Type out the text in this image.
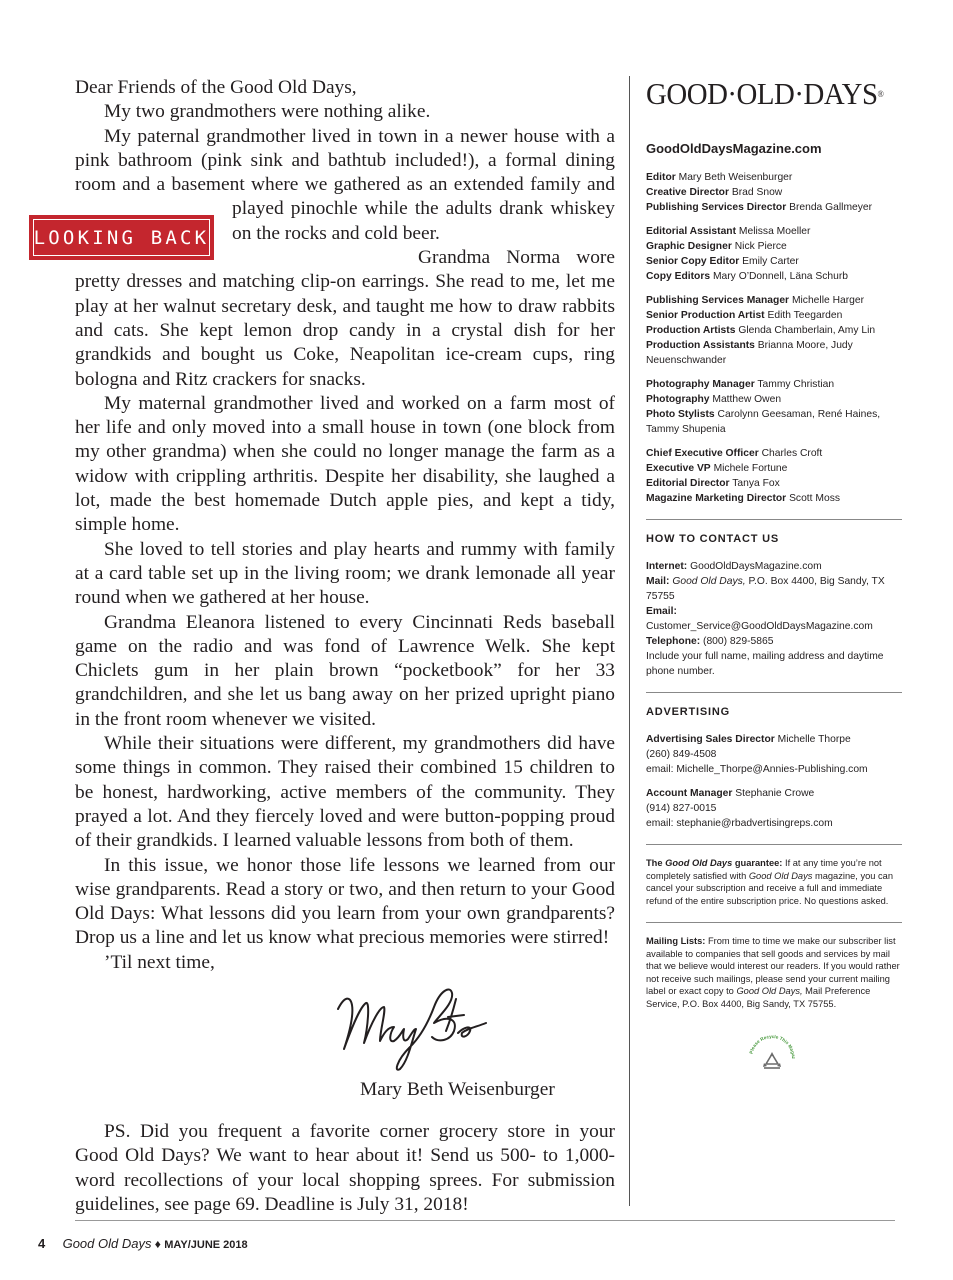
Dear Friends of the Good Old Days,

My two grandmothers were nothing alike.

My paternal grandmother lived in town in a newer house with a pink bathroom (pink sink and bathtub included!), a formal dining room and a basement where we gathered as an extended family
and played pinochle while the adults drank whiskey on the rocks and cold beer.

Grandma Norma wore pretty dresses and matching clip-on earrings. She read to me, let me play at her walnut secretary desk, and taught me how to draw rabbits and cats. She kept lemon drop candy in a crystal dish for her grandkids and bought us Coke, Neapolitan ice-cream cups, ring bologna and Ritz crackers for snacks.

My maternal grandmother lived and worked on a farm most of her life and only moved into a small house in town (one block from my other grandma) when she could no longer manage the farm as a widow with crippling arthritis. Despite her disability, she laughed a lot, made the best homemade Dutch apple pies, and kept a tidy, simple home.

She loved to tell stories and play hearts and rummy with family at a card table set up in the living room; we drank lemonade all year round when we gathered at her house.

Grandma Eleanora listened to every Cincinnati Reds baseball game on the radio and was fond of Lawrence Welk. She kept Chiclets gum in her plain brown “pocketbook” for her 33 grandchildren, and she let us bang away on her prized upright piano in the front room whenever we visited.

While their situations were different, my grandmothers did have some things in common. They raised their combined 15 children to be honest, hardworking, active members of the community. They prayed a lot. And they fiercely loved and were button-popping proud of their grandkids. I learned valuable lessons from both of them.

In this issue, we honor those life lessons we learned from our wise grandparents. Read a story or two, and then return to your Good Old Days: What lessons did you learn from your own grandparents? Drop us a line and let us know what precious memories were stirred!

’Til next time,

Mary Beth Weisenburger

PS. Did you frequent a favorite corner grocery store in your Good Old Days? We want to hear about it! Send us 500- to 1,000-word recollections of your local shopping sprees. For submission guidelines, see page 69. Deadline is July 31, 2018!

LOOKING BACK
GOOD·OLD·DAYS®
GoodOldDaysMagazine.com
Editor Mary Beth Weisenburger
Creative Director Brad Snow
Publishing Services Director Brenda Gallmeyer
Editorial Assistant Melissa Moeller
Graphic Designer Nick Pierce
Senior Copy Editor Emily Carter
Copy Editors Mary O’Donnell, Läna Schurb
Publishing Services Manager Michelle Harger
Senior Production Artist Edith Teegarden
Production Artists Glenda Chamberlain, Amy Lin
Production Assistants Brianna Moore, Judy Neuenschwander
Photography Manager Tammy Christian
Photography Matthew Owen
Photo Stylists Carolynn Geesaman, René Haines, Tammy Shupenia
Chief Executive Officer Charles Croft
Executive VP Michele Fortune
Editorial Director Tanya Fox
Magazine Marketing Director Scott Moss
HOW TO CONTACT US
Internet: GoodOldDaysMagazine.com
Mail: Good Old Days, P.O. Box 4400, Big Sandy, TX 75755
Email: Customer_Service@GoodOldDaysMagazine.com
Telephone: (800) 829-5865
Include your full name, mailing address and daytime phone number.
ADVERTISING
Advertising Sales Director Michelle Thorpe
(260) 849-4508
email: Michelle_Thorpe@Annies-Publishing.com
Account Manager Stephanie Crowe
(914) 827-0015
email: stephanie@rbadvertisingreps.com
The Good Old Days guarantee: If at any time you’re not completely satisfied with Good Old Days magazine, you can cancel your subscription and receive a full and immediate refund of the entire subscription price. No questions asked.
Mailing Lists: From time to time we make our subscriber list available to companies that sell goods and services by mail that we believe would interest our readers. If you would rather not receive such mailings, please send your current mailing label or exact copy to Good Old Days, Mail Preference Service, P.O. Box 4400, Big Sandy, TX 75755.
Please Recycle This Magaz
4 Good Old Days ♦ MAY/JUNE 2018
